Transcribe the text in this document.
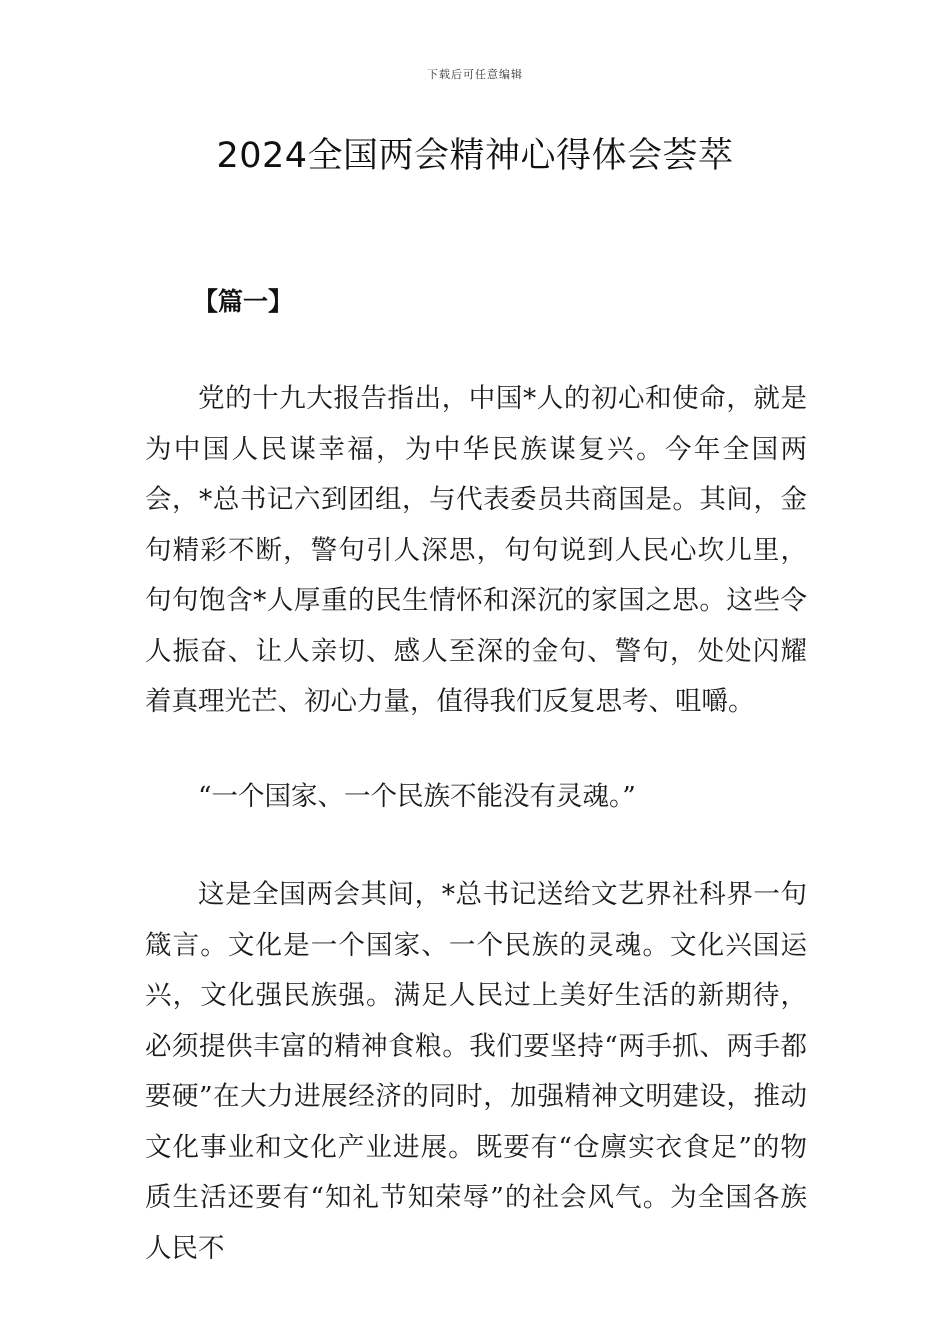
下载后可任意编辑
2024全国两会精神心得体会荟萃
【篇一】

党的十九大报告指出，中国*人的初心和使命，就是为中国人民谋幸福，为中华民族谋复兴。今年全国两会，*总书记六到团组，与代表委员共商国是。其间，金句精彩不断，警句引人深思，句句说到人民心坎儿里，句句饱含*人厚重的民生情怀和深沉的家国之思。这些令人振奋、让人亲切、感人至深的金句、警句，处处闪耀着真理光芒、初心力量，值得我们反复思考、咀嚼。

“一个国家、一个民族不能没有灵魂。”

这是全国两会其间，*总书记送给文艺界社科界一句箴言。文化是一个国家、一个民族的灵魂。文化兴国运兴，文化强民族强。满足人民过上美好生活的新期待，必须提供丰富的精神食粮。我们要坚持“两手抓、两手都要硬”在大力进展经济的同时，加强精神文明建设，推动文化事业和文化产业进展。既要有“仓廪实衣食足”的物质生活还要有“知礼节知荣辱”的社会风气。为全国各族人民不
